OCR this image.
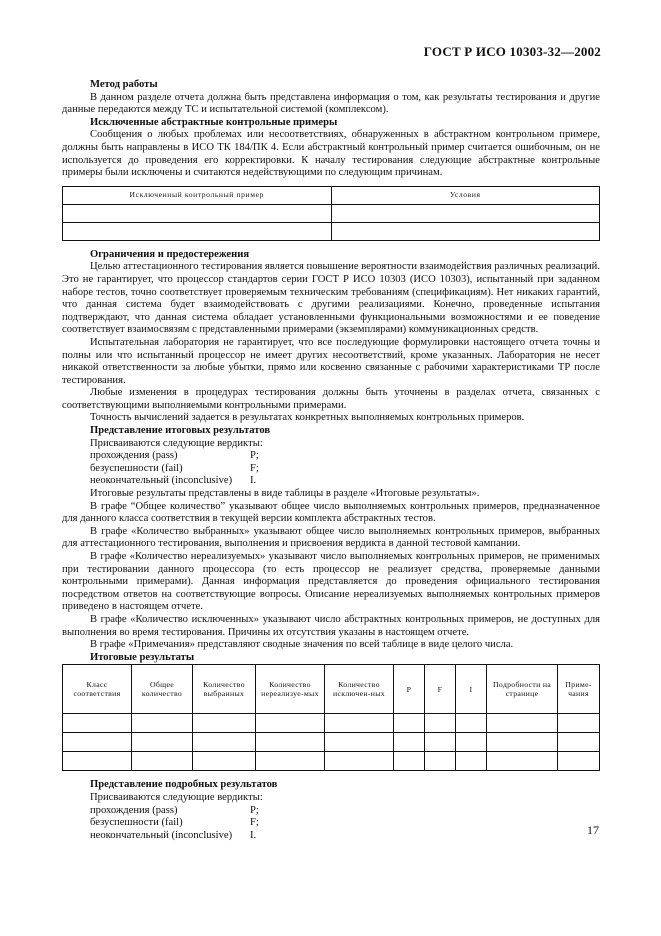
ГОСТ Р ИСО 10303-32—2002

Метод работы

В данном разделе отчета должна быть представлена информация о том, как результаты тестирования и другие данные передаются между ТС и испытательной системой (комплексом).

Исключенные абстрактные контрольные примеры

Сообщения о любых проблемах или несоответствиях, обнаруженных в абстрактном контрольном примере, должны быть направлены в ИСО ТК 184/ПК 4. Если абстрактный контрольный пример считается ошибочным, он не используется до проведения его корректировки. К началу тестирования следующие абстрактные контрольные примеры были исключены и считаются недействующими по следующим причинам.

Исключенный контрольный пример	Условия

Ограничения и предостережения

Целью аттестационного тестирования является повышение вероятности взаимодействия различных реализаций. Это не гарантирует, что процессор стандартов серии ГОСТ Р ИСО 10303 (ИСО 10303), испытанный при заданном наборе тестов, точно соответствует проверяемым техническим требованиям (спецификациям). Нет никаких гарантий, что данная система будет взаимодействовать с другими реализациями. Конечно, проведенные испытания подтверждают, что данная система обладает установленными функциональными возможностями и ее поведение соответствует взаимосвязям с представленными примерами (экземплярами) коммуникационных средств.

Испытательная лаборатория не гарантирует, что все последующие формулировки настоящего отчета точны и полны или что испытанный процессор не имеет других несоответствий, кроме указанных. Лаборатория не несет никакой ответственности за любые убытки, прямо или косвенно связанные с рабочими характеристиками ТР после тестирования.

Любые изменения в процедурах тестирования должны быть уточнены в разделах отчета, связанных с соответствующими выполняемыми контрольными примерами.

Точность вычислений задается в результатах конкретных выполняемых контрольных примеров.

Представление итоговых результатов

Присваиваются следующие вердикты:

прохождения (pass)	P;
безуспешности (fail)	F;
неокончательный (inconclusive)	I.

Итоговые результаты представлены в виде таблицы в разделе «Итоговые результаты».

В графе “Общее количество” указывают общее число выполняемых контрольных примеров, предназначенное для данного класса соответствия в текущей версии комплекта абстрактных тестов.

В графе «Количество выбранных» указывают общее число выполняемых контрольных примеров, выбранных для аттестационного тестирования, выполнения и присвоения вердикта в данной тестовой кампании.

В графе «Количество нереализуемых» указывают число выполняемых контрольных примеров, не применимых при тестировании данного процессора (то есть процессор не реализует средства, проверяемые данными контрольными примерами). Данная информация представляется до проведения официального тестирования посредством ответов на соответствующие вопросы. Описание нереализуемых выполняемых контрольных примеров приведено в настоящем отчете.

В графе «Количество исключенных» указывают число абстрактных контрольных примеров, не доступных для выполнения во время тестирования. Причины их отсутствия указаны в настоящем отчете.

В графе «Примечания» представляют сводные значения по всей таблице в виде целого числа.

Итоговые результаты

Класс соответствия	Общее количество	Количество выбранных	Количество нереализуе-мых	Количество исключен-ных	P	F	I	Подробности на странице	Приме-чания

Представление подробных результатов

Присваиваются следующие вердикты:

прохождения (pass)	P;
безуспешности (fail)	F;
неокончательный (inconclusive)	I.	17
